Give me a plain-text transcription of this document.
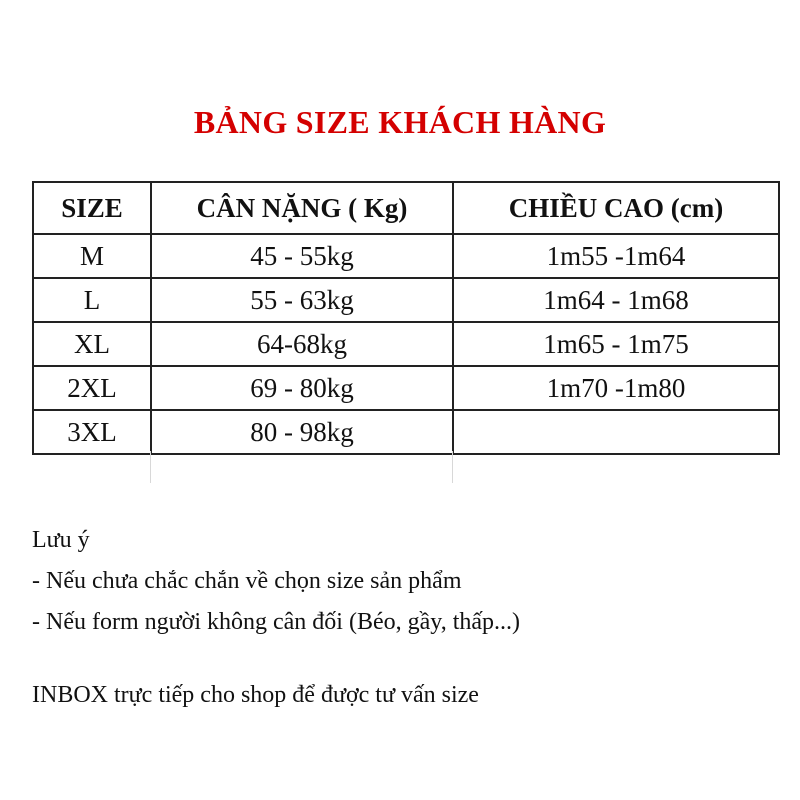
BẢNG SIZE KHÁCH HÀNG
SIZE	CÂN NẶNG ( Kg)	CHIỀU CAO (cm)
M	45 - 55kg	1m55 -1m64
L	55 - 63kg	1m64 - 1m68
XL	64-68kg	1m65 - 1m75
2XL	69 - 80kg	1m70 -1m80
3XL	80 - 98kg	

Lưu ý

- Nếu chưa chắc chắn về chọn size sản phẩm

- Nếu form người không cân đối (Béo, gầy, thấp...)

INBOX trực tiếp cho shop để được tư vấn size
